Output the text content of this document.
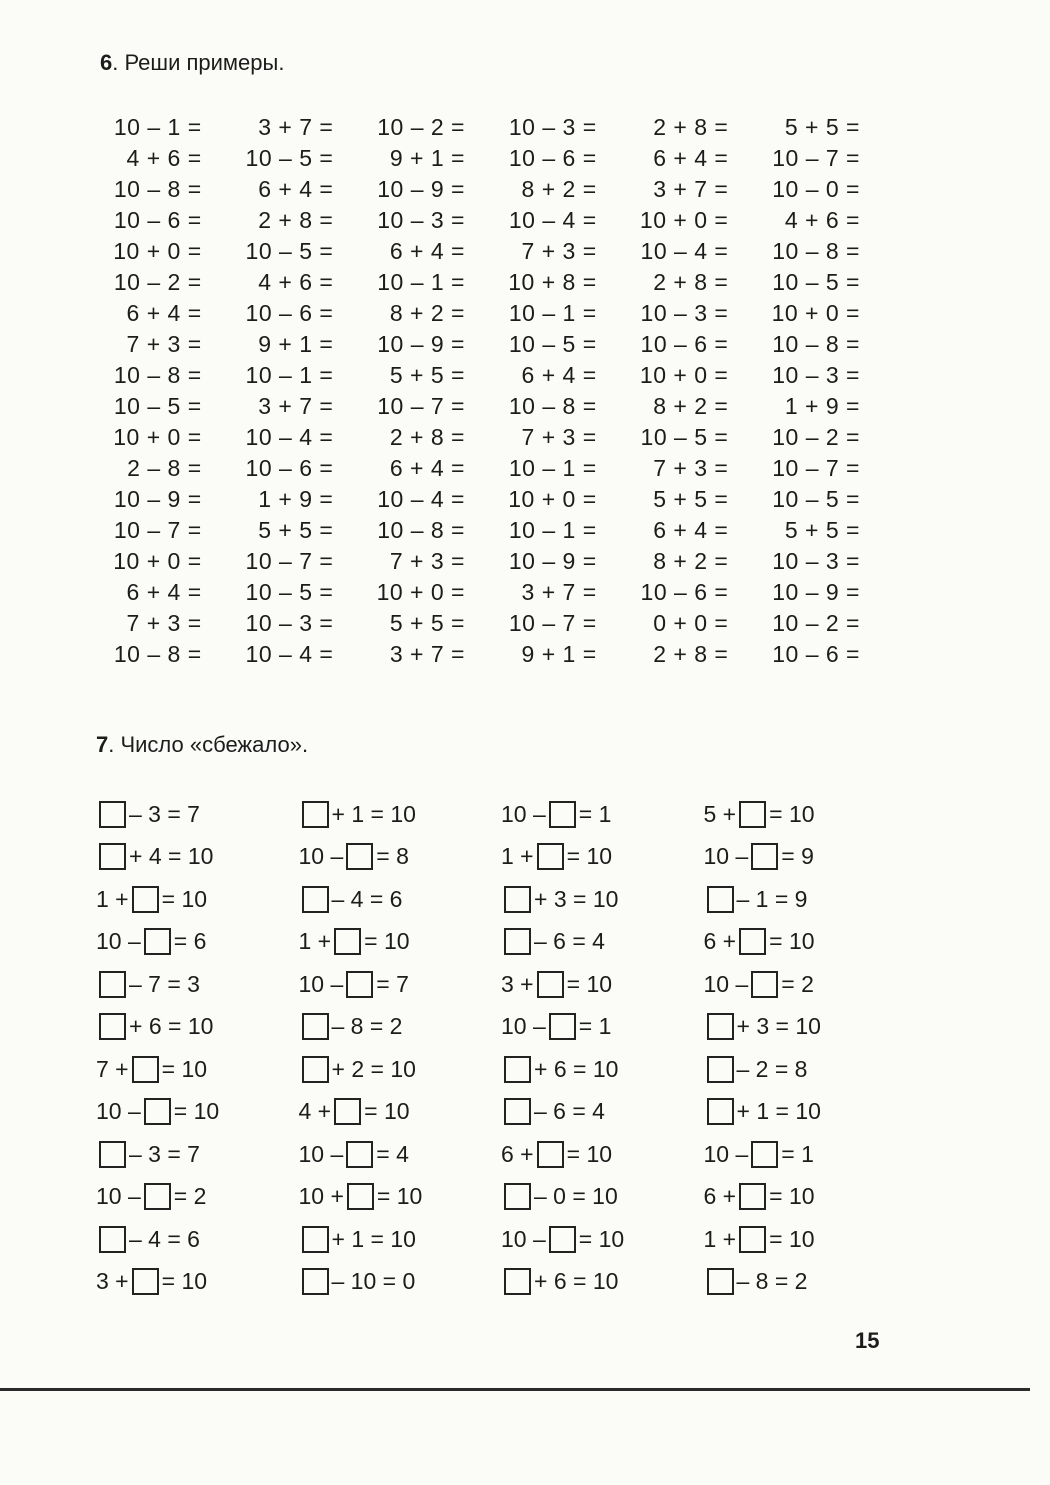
6. Реши примеры.
10 – 1 =	3 + 7 =	10 – 2 =	10 – 3 =	2 + 8 =	5 + 5 =
4 + 6 =	10 – 5 =	9 + 1 =	10 – 6 =	6 + 4 =	10 – 7 =
10 – 8 =	6 + 4 =	10 – 9 =	8 + 2 =	3 + 7 =	10 – 0 =
10 – 6 =	2 + 8 =	10 – 3 =	10 – 4 =	10 + 0 =	4 + 6 =
10 + 0 =	10 – 5 =	6 + 4 =	7 + 3 =	10 – 4 =	10 – 8 =
10 – 2 =	4 + 6 =	10 – 1 =	10 + 8 =	2 + 8 =	10 – 5 =
6 + 4 =	10 – 6 =	8 + 2 =	10 – 1 =	10 – 3 =	10 + 0 =
7 + 3 =	9 + 1 =	10 – 9 =	10 – 5 =	10 – 6 =	10 – 8 =
10 – 8 =	10 – 1 =	5 + 5 =	6 + 4 =	10 + 0 =	10 – 3 =
10 – 5 =	3 + 7 =	10 – 7 =	10 – 8 =	8 + 2 =	1 + 9 =
10 + 0 =	10 – 4 =	2 + 8 =	7 + 3 =	10 – 5 =	10 – 2 =
2 – 8 =	10 – 6 =	6 + 4 =	10 – 1 =	7 + 3 =	10 – 7 =
10 – 9 =	1 + 9 =	10 – 4 =	10 + 0 =	5 + 5 =	10 – 5 =
10 – 7 =	5 + 5 =	10 – 8 =	10 – 1 =	6 + 4 =	5 + 5 =
10 + 0 =	10 – 7 =	7 + 3 =	10 – 9 =	8 + 2 =	10 – 3 =
6 + 4 =	10 – 5 =	10 + 0 =	3 + 7 =	10 – 6 =	10 – 9 =
7 + 3 =	10 – 3 =	5 + 5 =	10 – 7 =	0 + 0 =	10 – 2 =
10 – 8 =	10 – 4 =	3 + 7 =	9 + 1 =	2 + 8 =	10 – 6 =
7. Число «сбежало».
– 3 = 7	+ 1 = 10	10 – = 1	5 + = 10
+ 4 = 10	10 – = 8	1 + = 10	10 – = 9
1 + = 10	– 4 = 6	+ 3 = 10	– 1 = 9
10 – = 6	1 + = 10	– 6 = 4	6 + = 10
– 7 = 3	10 – = 7	3 + = 10	10 – = 2
+ 6 = 10	– 8 = 2	10 – = 1	+ 3 = 10
7 + = 10	+ 2 = 10	+ 6 = 10	– 2 = 8
10 – = 10	4 + = 10	– 6 = 4	+ 1 = 10
– 3 = 7	10 – = 4	6 + = 10	10 – = 1
10 – = 2	10 + = 10	– 0 = 10	6 + = 10
– 4 = 6	+ 1 = 10	10 – = 10	1 + = 10
3 + = 10	– 10 = 0	+ 6 = 10	– 8 = 2
15
